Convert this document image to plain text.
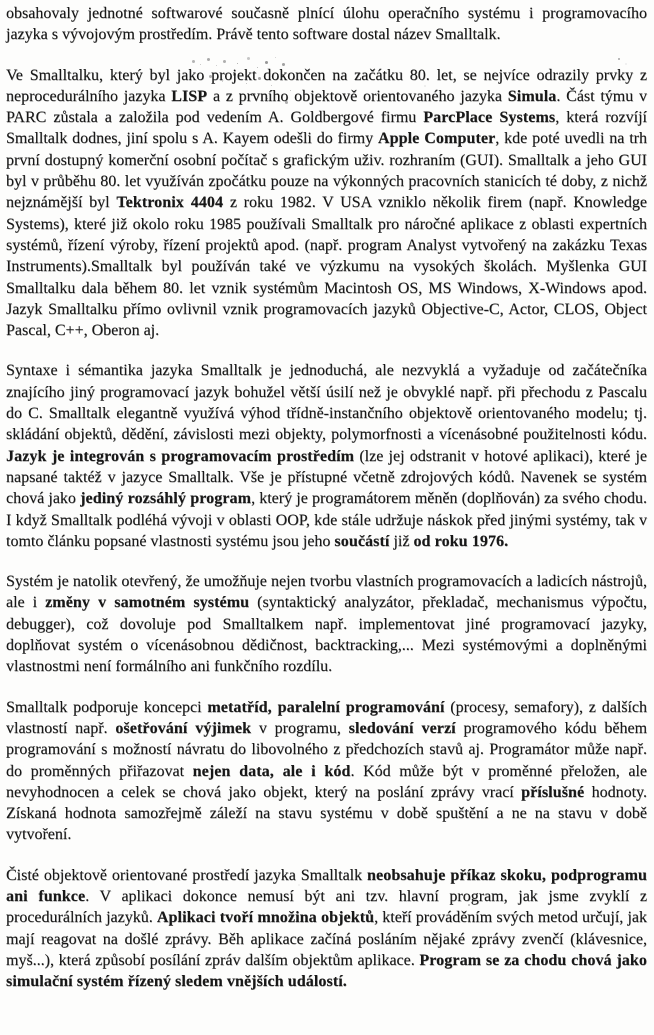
obsahovaly jednotné softwarové současně plnící úlohu operačního systému i programovacího jazyka s vývojovým prostředím. Právě tento software dostal název Smalltalk.

Ve Smalltalku, který byl jako projekt dokončen na začátku 80. let, se nejvíce odrazily prvky z neprocedurálního jazyka LISP a z prvního objektově orientovaného jazyka Simula. Část týmu v PARC zůstala a založila pod vedením A. Goldbergové firmu ParcPlace Systems, která rozvíjí Smalltalk dodnes, jiní spolu s A. Kayem odešli do firmy Apple Computer, kde poté uvedli na trh první dostupný komerční osobní počítač s grafickým uživ. rozhraním (GUI). Smalltalk a jeho GUI byl v průběhu 80. let využíván zpočátku pouze na výkonných pracovních stanicích té doby, z nichž nejznámější byl Tektronix 4404 z roku 1982. V USA vzniklo několik firem (např. Knowledge Systems), které již okolo roku 1985 používali Smalltalk pro náročné aplikace z oblasti expertních systémů, řízení výroby, řízení projektů apod. (např. program Analyst vytvořený na zakázku Texas Instruments).Smalltalk byl používán také ve výzkumu na vysokých školách. Myšlenka GUI Smalltalku dala během 80. let vznik systémům Macintosh OS, MS Windows, X-Windows apod. Jazyk Smalltalku přímo ovlivnil vznik programovacích jazyků Objective-C, Actor, CLOS, Object Pascal, C++, Oberon aj.

Syntaxe i sémantika jazyka Smalltalk je jednoduchá, ale nezvyklá a vyžaduje od začátečníka znajícího jiný programovací jazyk bohužel větší úsilí než je obvyklé např. při přechodu z Pascalu do C. Smalltalk elegantně využívá výhod třídně-instančního objektově orientovaného modelu; tj. skládání objektů, dědění, závislosti mezi objekty, polymorfnosti a vícenásobné použitelnosti kódu. Jazyk je integrován s programovacím prostředím (lze jej odstranit v hotové aplikaci), které je napsané taktéž v jazyce Smalltalk. Vše je přístupné včetně zdrojových kódů. Navenek se systém chová jako jediný rozsáhlý program, který je programátorem měněn (doplňován) za svého chodu. I když Smalltalk podléhá vývoji v oblasti OOP, kde stále udržuje náskok před jinými systémy, tak v tomto článku popsané vlastnosti systému jsou jeho součástí již od roku 1976.

Systém je natolik otevřený, že umožňuje nejen tvorbu vlastních programovacích a ladicích nástrojů, ale i změny v samotném systému (syntaktický analyzátor, překladač, mechanismus výpočtu, debugger), což dovoluje pod Smalltalkem např. implementovat jiné programovací jazyky, doplňovat systém o vícenásobnou dědičnost, backtracking,... Mezi systémovými a doplněnými vlastnostmi není formálního ani funkčního rozdílu.

Smalltalk podporuje koncepci metatříd, paralelní programování (procesy, semafory), z dalších vlastností např. ošetřování výjimek v programu, sledování verzí programového kódu během programování s možností návratu do libovolného z předchozích stavů aj. Programátor může např. do proměnných přiřazovat nejen data, ale i kód. Kód může být v proměnné přeložen, ale nevyhodnocen a celek se chová jako objekt, který na poslání zprávy vrací příslušné hodnoty. Získaná hodnota samozřejmě záleží na stavu systému v době spuštění a ne na stavu v době vytvoření.

Čisté objektově orientované prostředí jazyka Smalltalk neobsahuje příkaz skoku, podprogramu ani funkce. V aplikaci dokonce nemusí být ani tzv. hlavní program, jak jsme zvyklí z procedurálních jazyků. Aplikaci tvoří množina objektů, kteří prováděním svých metod určují, jak mají reagovat na došlé zprávy. Běh aplikace začíná posláním nějaké zprávy zvenčí (klávesnice, myš...), která způsobí posílání zpráv dalším objektům aplikace. Program se za chodu chová jako simulační systém řízený sledem vnějších událostí.
